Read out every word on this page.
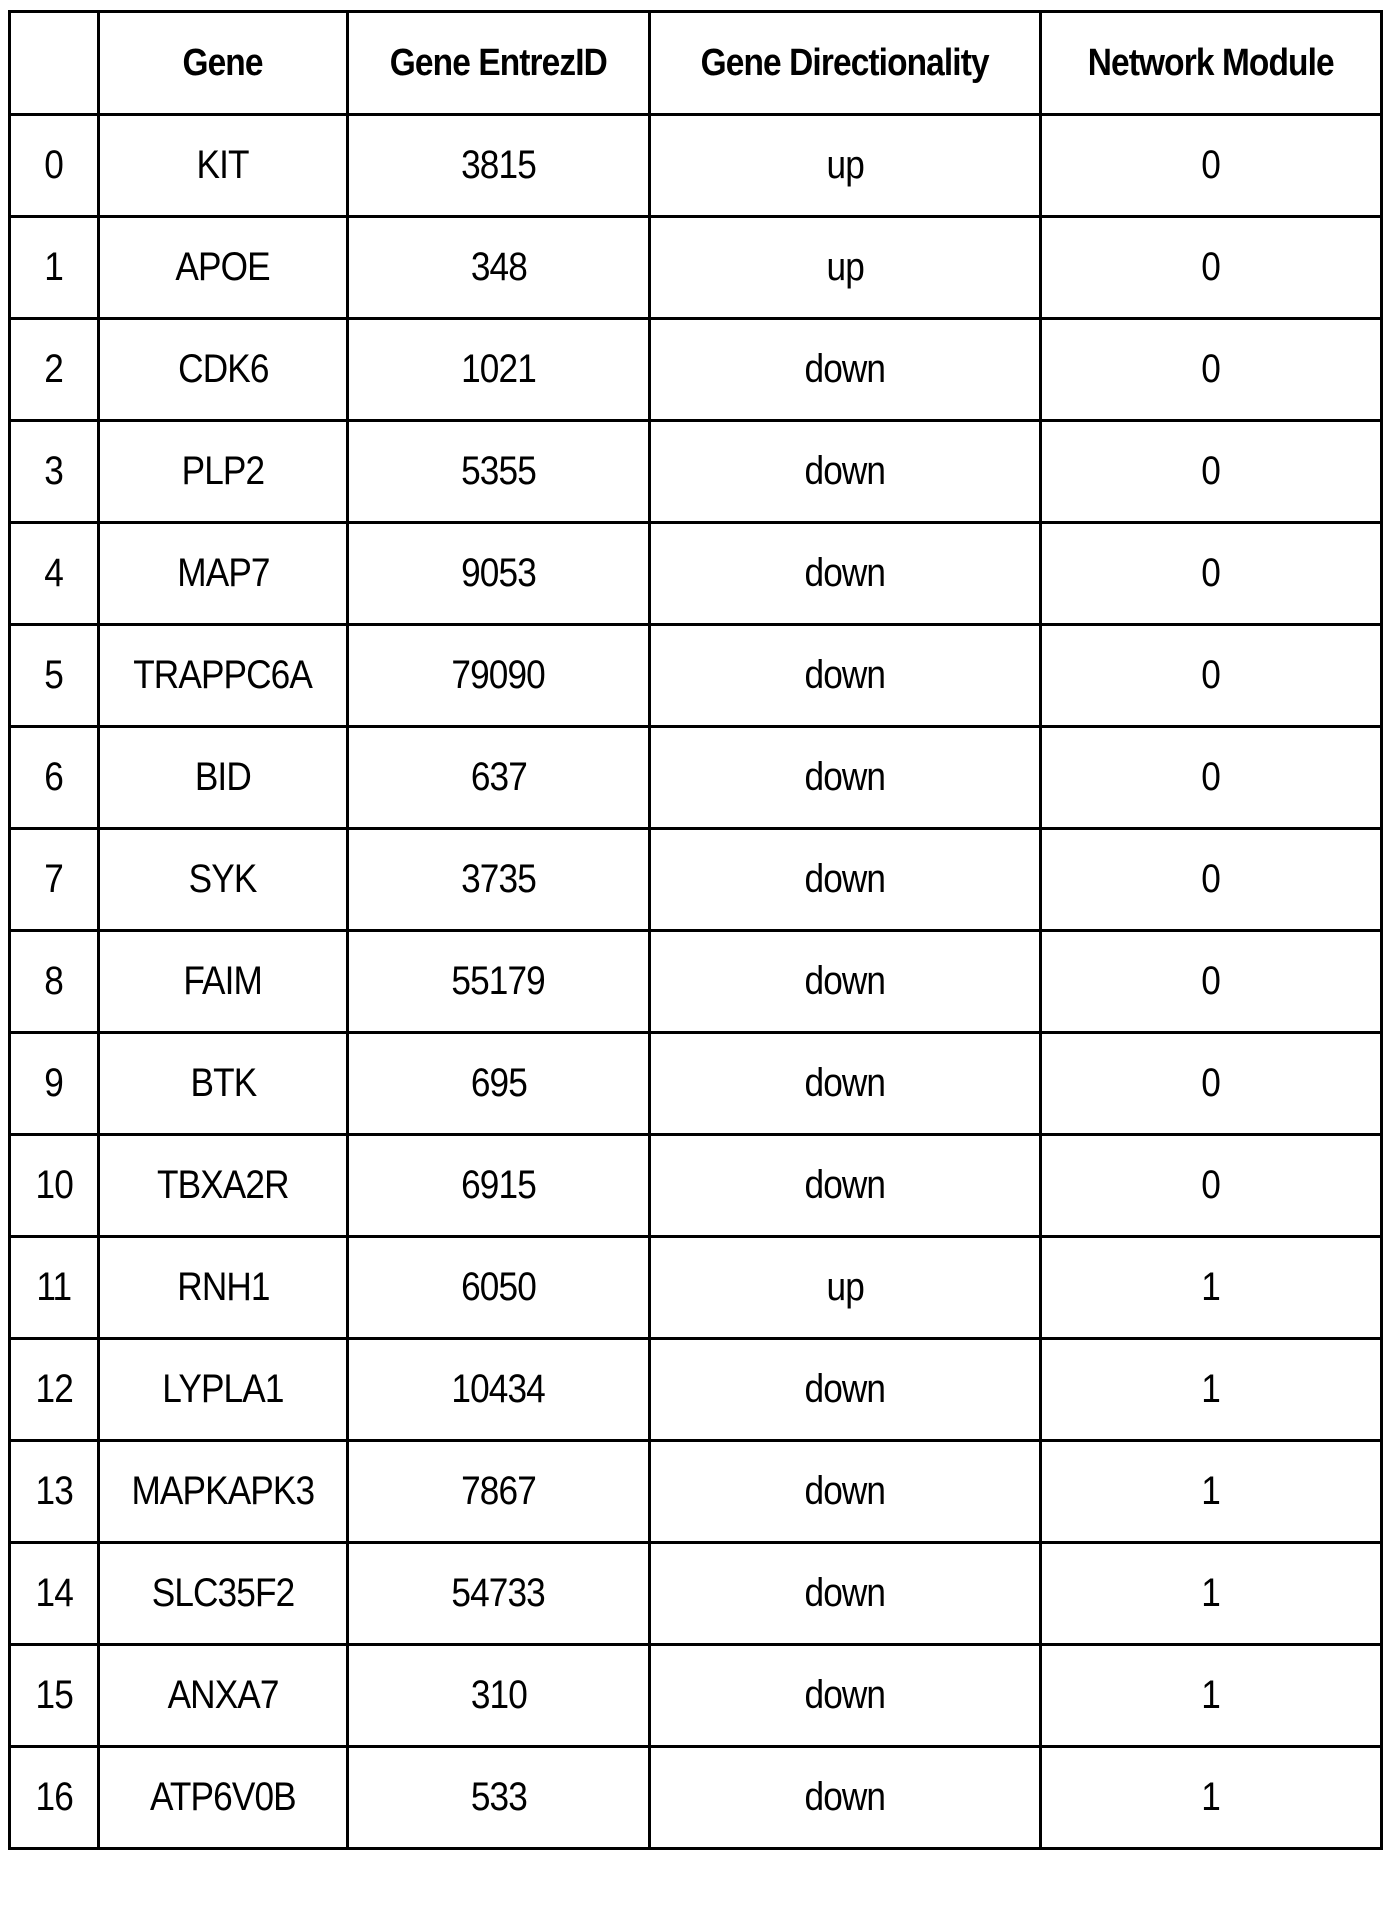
	Gene	Gene EntrezID	Gene Directionality	Network Module
0	KIT	3815	up	0
1	APOE	348	up	0
2	CDK6	1021	down	0
3	PLP2	5355	down	0
4	MAP7	9053	down	0
5	TRAPPC6A	79090	down	0
6	BID	637	down	0
7	SYK	3735	down	0
8	FAIM	55179	down	0
9	BTK	695	down	0
10	TBXA2R	6915	down	0
11	RNH1	6050	up	1
12	LYPLA1	10434	down	1
13	MAPKAPK3	7867	down	1
14	SLC35F2	54733	down	1
15	ANXA7	310	down	1
16	ATP6V0B	533	down	1
